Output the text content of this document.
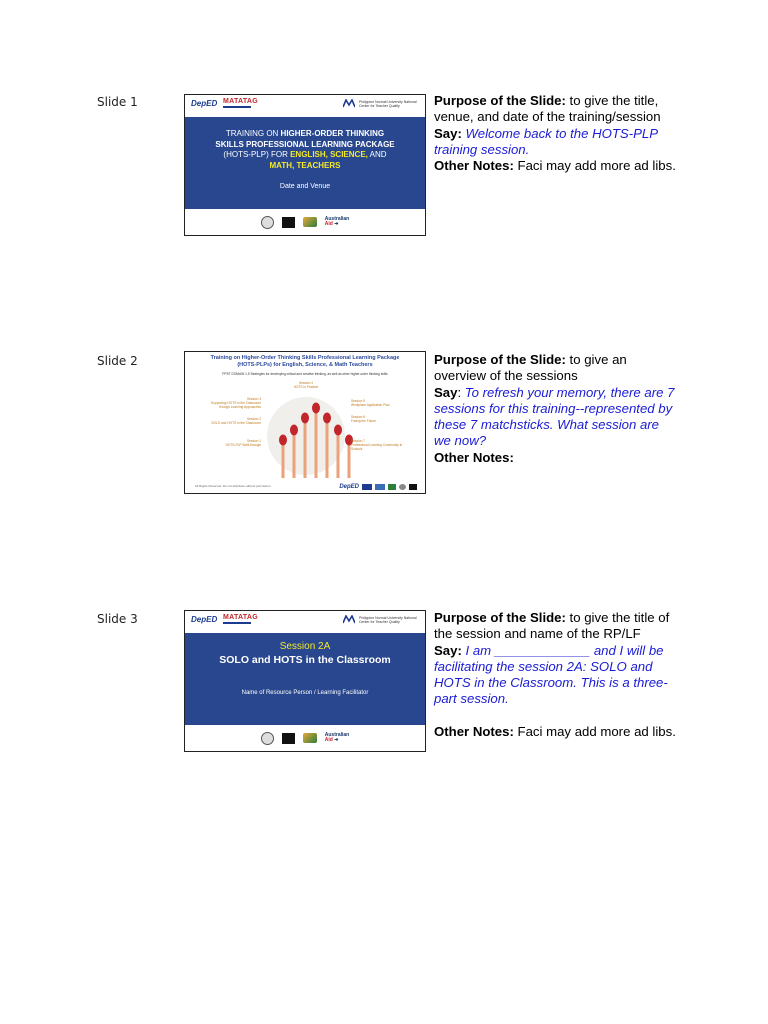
Slide 1	DepED MATATAG	Philippine Normal University National Center for Teacher Quality
TRAINING ON HIGHER-ORDER THINKING
SKILLS PROFESSIONAL LEARNING PACKAGE
(HOTS-PLP) FOR ENGLISH, SCIENCE, AND
MATH, TEACHERS
Date and Venue
Australian
Aid ➜

Purpose of the Slide: to give the title, venue, and date of the training/session

Say: Welcome back to the HOTS-PLP training session.

Other Notes: Faci may add more ad libs.

Slide 2	Training on Higher-Order Thinking Skills Professional Learning Package
(HOTS-PLPs) for English, Science, & Math Teachers
PPST DOMAIN 1.5 Strategies for developing critical and creative thinking, as well as other higher-order thinking skills
Session 3
Supporting HOTS in the Classroom through Learning Approaches
Session 2
SOLO and HOTS in the Classroom
Session 1
HOTS-PLP Walk through
Session 4
HOTS in Practice
Session 5
Workplace Application Plan
Session 6
Facing the Future
Session 7
Professional Learning Community in Schools
All Rights Reserved. Do not distribute without permission.	DepED

Purpose of the Slide: to give an overview of the sessions

Say: To refresh your memory, there are 7 sessions for this training--represented by these 7 matchsticks. What session are we now?

Other Notes:

Slide 3	DepED MATATAG	Philippine Normal University National Center for Teacher Quality
Session 2A
SOLO and HOTS in the Classroom
Name of Resource Person / Learning Facilitator
Australian
Aid ➜

Purpose of the Slide: to give the title of the session and name of the RP/LF

Say: I am _____________ and I will be facilitating the session 2A: SOLO and HOTS in the Classroom. This is a three-part session.

Other Notes: Faci may add more ad libs.
